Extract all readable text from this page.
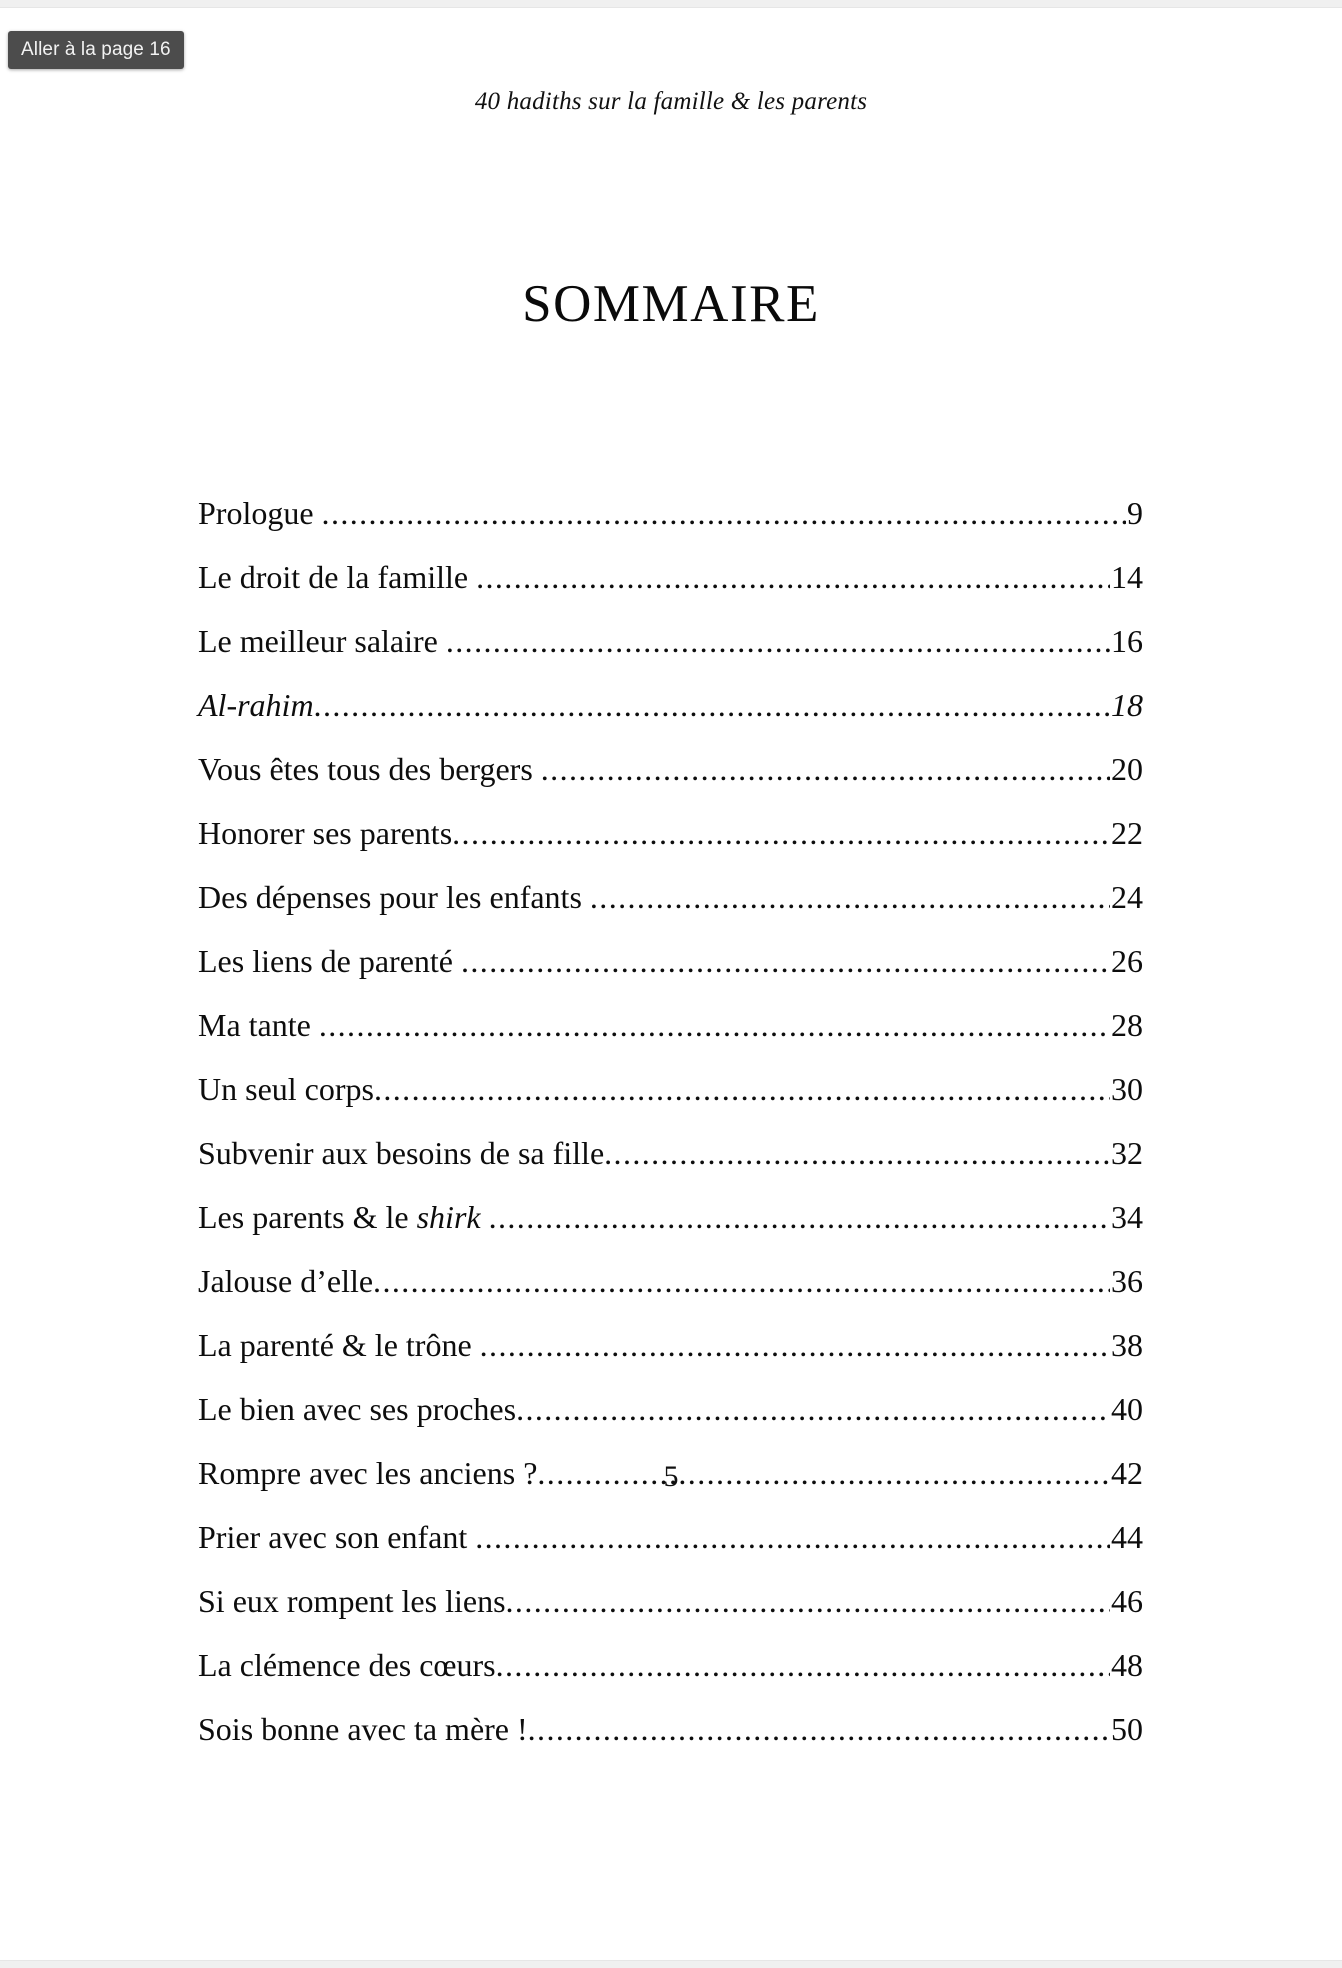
40 hadiths sur la famille & les parents
SOMMAIRE
Prologue .....	9
Le droit de la famille .....	14
Le meilleur salaire .....	16
Al-rahim .....	18
Vous êtes tous des bergers .....	20
Honorer ses parents .....	22
Des dépenses pour les enfants .....	24
Les liens de parenté .....	26
Ma tante .....	28
Un seul corps .....	30
Subvenir aux besoins de sa fille .....	32
Les parents & le shirk .....	34
Jalouse d’elle .....	36
La parenté & le trône .....	38
Le bien avec ses proches .....	40
Rompre avec les anciens ? .....	42
Prier avec son enfant .....	44
Si eux rompent les liens .....	46
La clémence des cœurs .....	48
Sois bonne avec ta mère ! .....	50
5
Aller à la page 16
